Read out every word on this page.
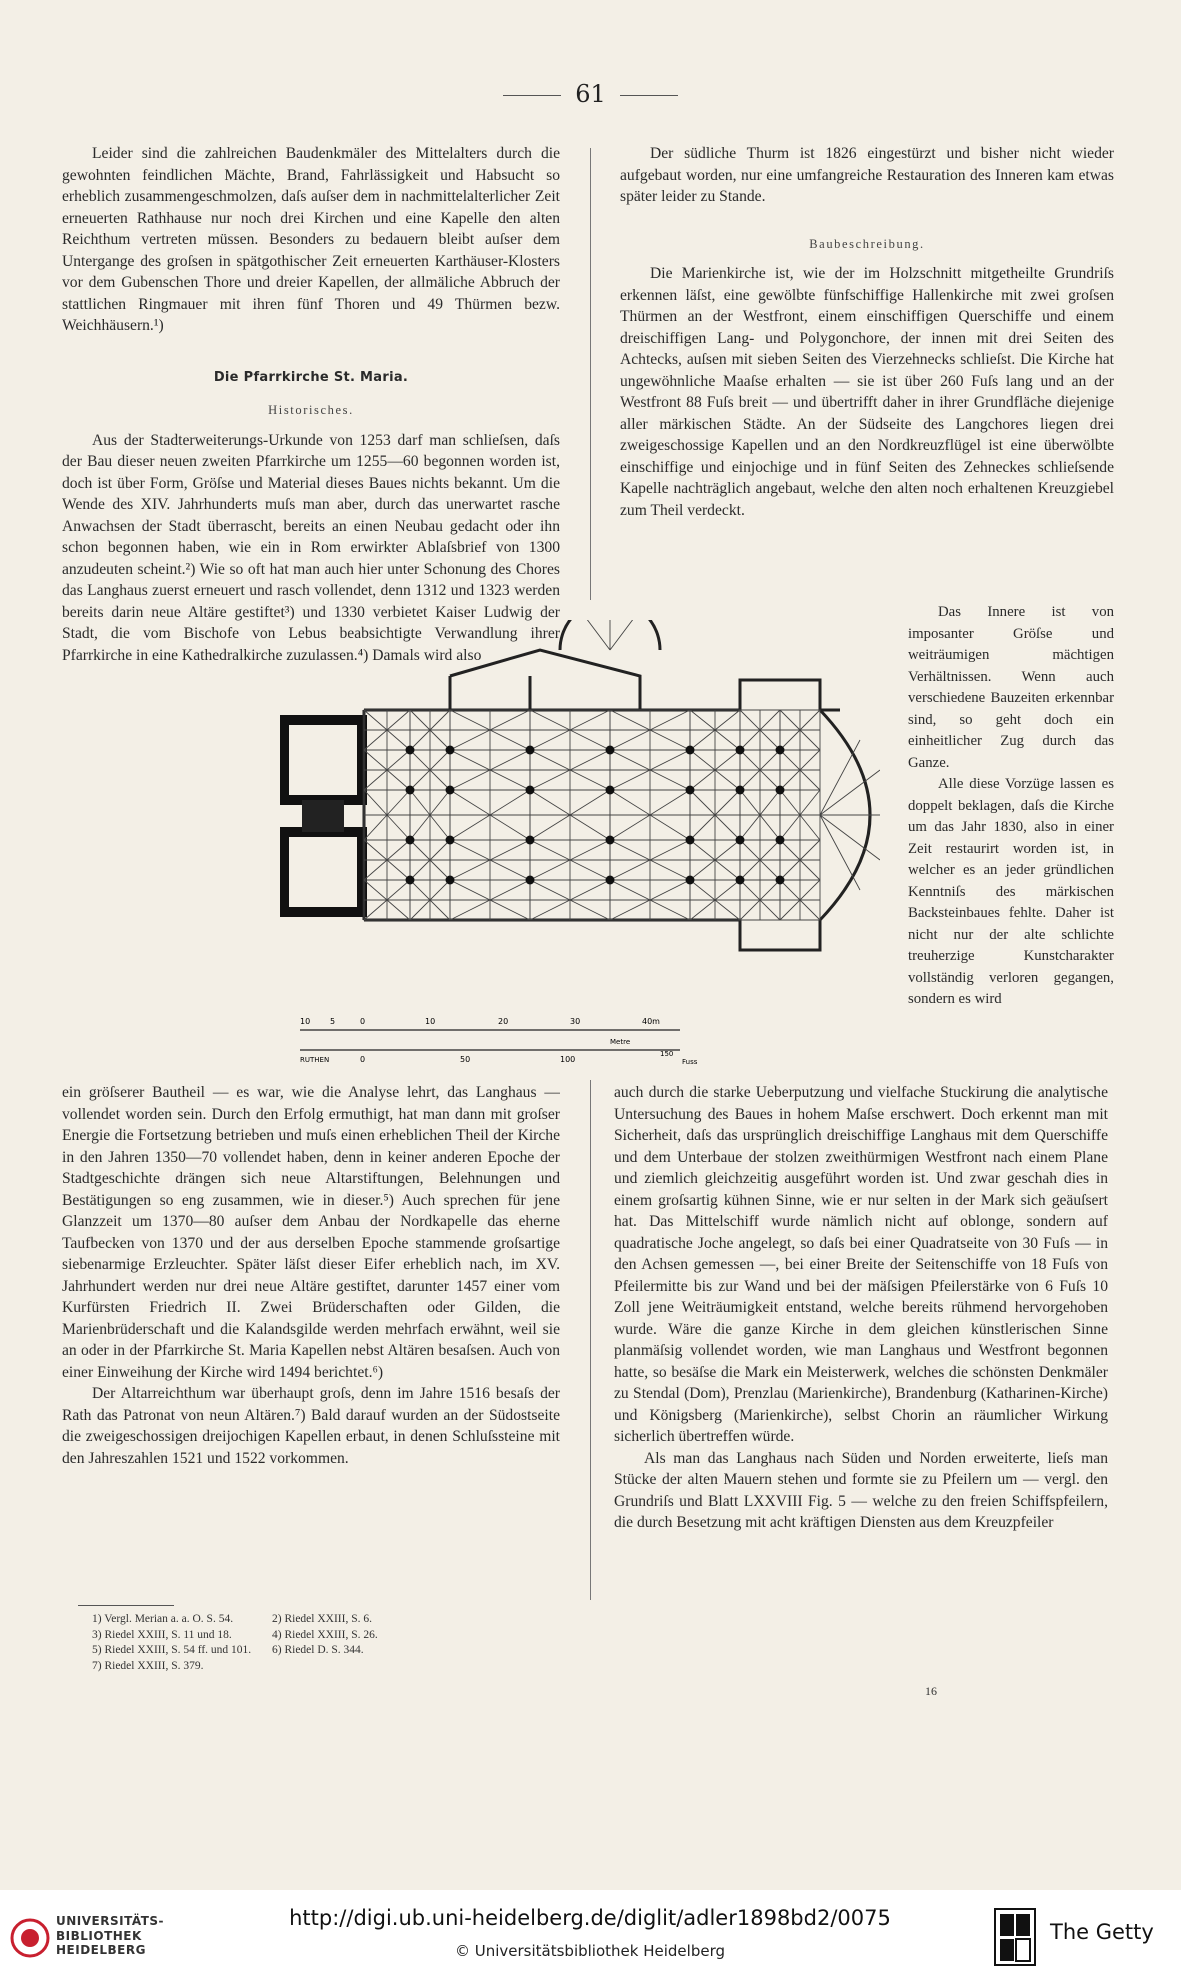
61

Leider sind die zahlreichen Baudenkmäler des Mittelalters durch die gewohnten feindlichen Mächte, Brand, Fahrlässigkeit und Habsucht so erheblich zusammengeschmolzen, daſs auſser dem in nachmittelalterlicher Zeit erneuerten Rathhause nur noch drei Kirchen und eine Kapelle den alten Reichthum vertreten müssen. Besonders zu bedauern bleibt auſser dem Untergange des groſsen in spätgothischer Zeit erneuerten Karthäuser-Klosters vor dem Gubenschen Thore und dreier Kapellen, der allmäliche Abbruch der stattlichen Ringmauer mit ihren fünf Thoren und 49 Thürmen bezw. Weichhäusern.¹)

Die Pfarrkirche St. Maria.
Historisches.

Aus der Stadterweiterungs-Urkunde von 1253 darf man schlieſsen, daſs der Bau dieser neuen zweiten Pfarrkirche um 1255—60 begonnen worden ist, doch ist über Form, Gröſse und Material dieses Baues nichts bekannt. Um die Wende des XIV. Jahrhunderts muſs man aber, durch das unerwartet rasche Anwachsen der Stadt überrascht, bereits an einen Neubau gedacht oder ihn schon begonnen haben, wie ein in Rom erwirkter Ablaſsbrief von 1300 anzudeuten scheint.²) Wie so oft hat man auch hier unter Schonung des Chores das Langhaus zuerst erneuert und rasch vollendet, denn 1312 und 1323 werden bereits darin neue Altäre gestiftet³) und 1330 verbietet Kaiser Ludwig der Stadt, die vom Bischofe von Lebus beabsichtigte Verwandlung ihrer Pfarrkirche in eine Kathedralkirche zuzulassen.⁴) Damals wird also

ein gröſserer Bautheil — es war, wie die Analyse lehrt, das Langhaus — vollendet worden sein. Durch den Erfolg ermuthigt, hat man dann mit groſser Energie die Fortsetzung betrieben und muſs einen erheblichen Theil der Kirche in den Jahren 1350—70 vollendet haben, denn in keiner anderen Epoche der Stadtgeschichte drängen sich neue Altarstiftungen, Belehnungen und Bestätigungen so eng zusammen, wie in dieser.⁵) Auch sprechen für jene Glanzzeit um 1370—80 auſser dem Anbau der Nordkapelle das eherne Taufbecken von 1370 und der aus derselben Epoche stammende groſsartige siebenarmige Erzleuchter. Später läſst dieser Eifer erheblich nach, im XV. Jahrhundert werden nur drei neue Altäre gestiftet, darunter 1457 einer vom Kurfürsten Friedrich II. Zwei Brüderschaften oder Gilden, die Marienbrüderschaft und die Kalandsgilde werden mehrfach erwähnt, weil sie an oder in der Pfarrkirche St. Maria Kapellen nebst Altären besaſsen. Auch von einer Einweihung der Kirche wird 1494 berichtet.⁶)

Der Altarreichthum war überhaupt groſs, denn im Jahre 1516 besaſs der Rath das Patronat von neun Altären.⁷) Bald darauf wurden an der Südostseite die zweigeschossigen dreijochigen Kapellen erbaut, in denen Schluſssteine mit den Jahreszahlen 1521 und 1522 vorkommen.

Der südliche Thurm ist 1826 eingestürzt und bisher nicht wieder aufgebaut worden, nur eine umfangreiche Restauration des Inneren kam etwas später leider zu Stande.

Baubeschreibung.

Die Marienkirche ist, wie der im Holzschnitt mitgetheilte Grundriſs erkennen läſst, eine gewölbte fünfschiffige Hallenkirche mit zwei groſsen Thürmen an der Westfront, einem einschiffigen Querschiffe und einem dreischiffigen Lang- und Polygonchore, der innen mit drei Seiten des Achtecks, auſsen mit sieben Seiten des Vierzehnecks schlieſst. Die Kirche hat ungewöhnliche Maaſse erhalten — sie ist über 260 Fuſs lang und an der Westfront 88 Fuſs breit — und übertrifft daher in ihrer Grundfläche diejenige aller märkischen Städte. An der Südseite des Langchores liegen drei zweigeschossige Kapellen und an den Nordkreuzflügel ist eine überwölbte einschiffige und einjochige und in fünf Seiten des Zehneckes schlieſsende Kapelle nachträglich angebaut, welche den alten noch erhaltenen Kreuzgiebel zum Theil verdeckt.

Das Innere ist von imposanter Gröſse und weiträumigen mächtigen Verhältnissen. Wenn auch verschiedene Bauzeiten erkennbar sind, so geht doch ein einheitlicher Zug durch das Ganze.

Alle diese Vorzüge lassen es doppelt beklagen, daſs die Kirche um das Jahr 1830, also in einer Zeit restaurirt worden ist, in welcher es an jeder gründlichen Kenntniſs des märkischen Backsteinbaues fehlte. Daher ist nicht nur der alte schlichte treuherzige Kunstcharakter vollständig verloren gegangen, sondern es wird

auch durch die starke Ueberputzung und vielfache Stuckirung die analytische Untersuchung des Baues in hohem Maſse erschwert. Doch erkennt man mit Sicherheit, daſs das ursprünglich dreischiffige Langhaus mit dem Querschiffe und dem Unterbaue der stolzen zweithürmigen Westfront nach einem Plane und ziemlich gleichzeitig ausgeführt worden ist. Und zwar geschah dies in einem groſsartig kühnen Sinne, wie er nur selten in der Mark sich geäuſsert hat. Das Mittelschiff wurde nämlich nicht auf oblonge, sondern auf quadratische Joche angelegt, so daſs bei einer Quadratseite von 30 Fuſs — in den Achsen gemessen —, bei einer Breite der Seitenschiffe von 18 Fuſs von Pfeilermitte bis zur Wand und bei der mäſsigen Pfeilerstärke von 6 Fuſs 10 Zoll jene Weiträumigkeit entstand, welche bereits rühmend hervorgehoben wurde. Wäre die ganze Kirche in dem gleichen künstlerischen Sinne planmäſsig vollendet worden, wie man Langhaus und Westfront begonnen hatte, so besäſse die Mark ein Meisterwerk, welches die schönsten Denkmäler zu Stendal (Dom), Prenzlau (Marienkirche), Brandenburg (Katharinen-Kirche) und Königsberg (Marienkirche), selbst Chorin an räumlicher Wirkung sicherlich übertreffen würde.

Als man das Langhaus nach Süden und Norden erweiterte, lieſs man Stücke der alten Mauern stehen und formte sie zu Pfeilern um — vergl. den Grundriſs und Blatt LXXVIII Fig. 5 — welche zu den freien Schiffspfeilern, die durch Besetzung mit acht kräftigen Diensten aus dem Kreuzpfeiler

10 5	0	10	20	30	40m
Metre
RUTHEN	0	50	100
150
Fuss
1) Vergl. Merian a. a. O. S. 54.	2) Riedel XXIII, S. 6.
3) Riedel XXIII, S. 11 und 18.	4) Riedel XXIII, S. 26.
5) Riedel XXIII, S. 54 ff. und 101. 6) Riedel D. S. 344.
7) Riedel XXIII, S. 379.
16
UNIVERSITÄTS-
BIBLIOTHEK
HEIDELBERG
http://digi.ub.uni-heidelberg.de/diglit/adler1898bd2/0075
© Universitätsbibliothek Heidelberg
The Getty
